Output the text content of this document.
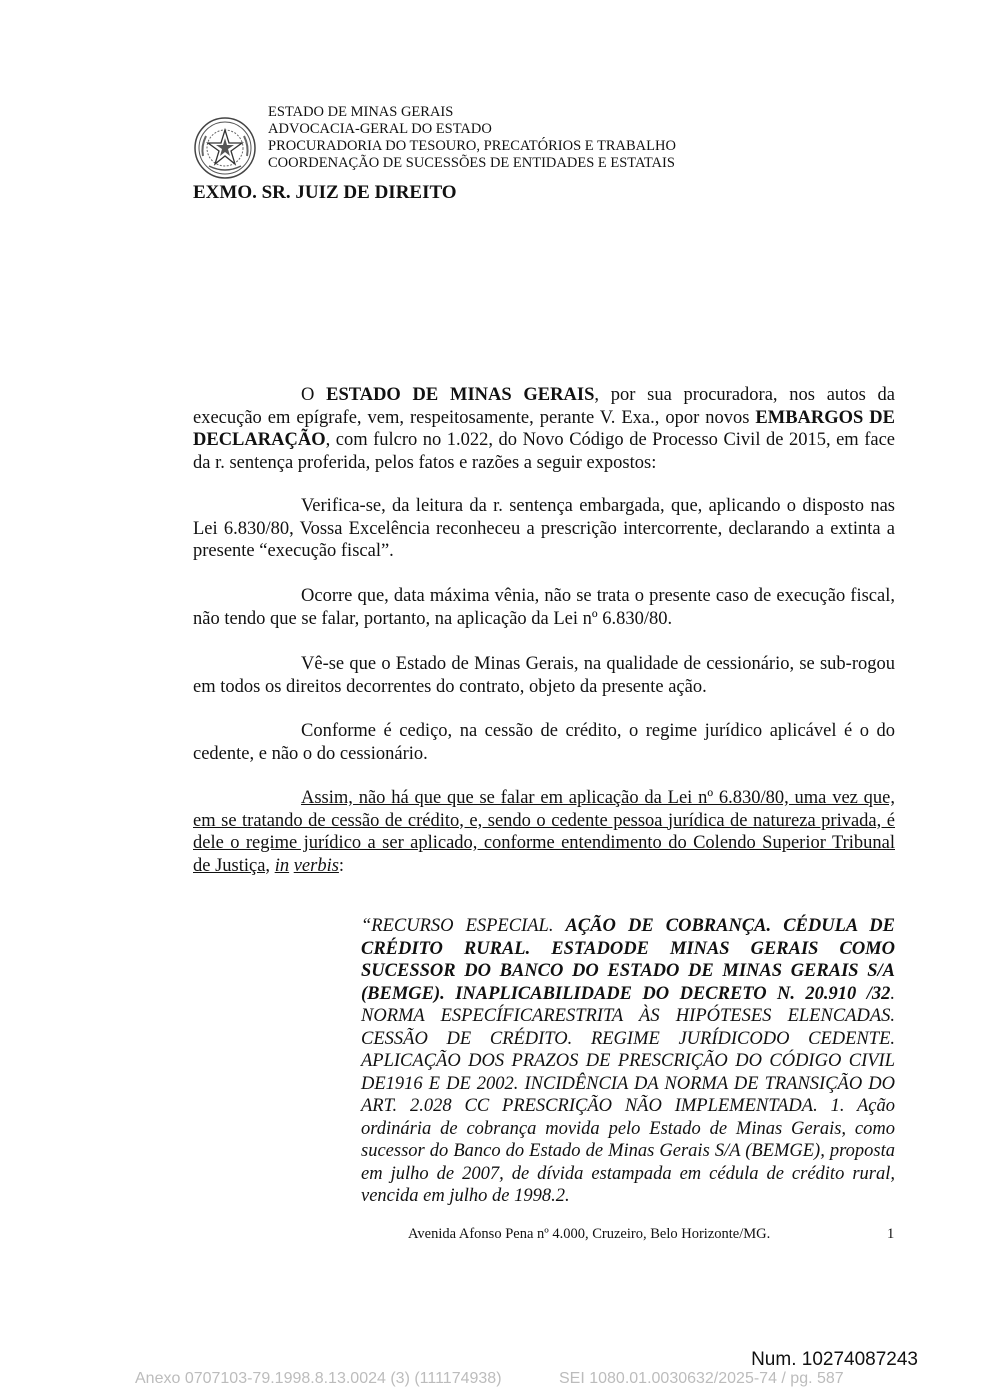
ESTADO DE MINAS GERAIS
ADVOCACIA-GERAL DO ESTADO
PROCURADORIA DO TESOURO, PRECATÓRIOS E TRABALHO
COORDENAÇÃO DE SUCESSÕES DE ENTIDADES E ESTATAIS
EXMO. SR. JUIZ DE DIREITO

O ESTADO DE MINAS GERAIS, por sua procuradora, nos autos da execução em epígrafe, vem, respeitosamente, perante V. Exa., opor novos EMBARGOS DE DECLARAÇÃO, com fulcro no 1.022, do Novo Código de Processo Civil de 2015, em face da r. sentença proferida, pelos fatos e razões a seguir expostos:

Verifica-se, da leitura da r. sentença embargada, que, aplicando o disposto nas Lei 6.830/80, Vossa Excelência reconheceu a prescrição intercorrente, declarando a extinta a presente “execução fiscal”.

Ocorre que, data máxima vênia, não se trata o presente caso de execução fiscal, não tendo que se falar, portanto, na aplicação da Lei nº 6.830/80.

Vê-se que o Estado de Minas Gerais, na qualidade de cessionário, se sub-rogou em todos os direitos decorrentes do contrato, objeto da presente ação.

Conforme é cediço, na cessão de crédito, o regime jurídico aplicável é o do cedente, e não o do cessionário.

Assim, não há que que se falar em aplicação da Lei nº 6.830/80, uma vez que, em se tratando de cessão de crédito, e, sendo o cedente pessoa jurídica de natureza privada, é dele o regime jurídico a ser aplicado, conforme entendimento do Colendo Superior Tribunal de Justiça, in verbis:

“RECURSO ESPECIAL. AÇÃO DE COBRANÇA. CÉDULA DE CRÉDITO RURAL. ESTADODE MINAS GERAIS COMO SUCESSOR DO BANCO DO ESTADO DE MINAS GERAIS S/A (BEMGE). INAPLICABILIDADE DO DECRETO N. 20.910 /32. NORMA ESPECÍFICARESTRITA ÀS HIPÓTESES ELENCADAS. CESSÃO DE CRÉDITO. REGIME JURÍDICODO CEDENTE. APLICAÇÃO DOS PRAZOS DE PRESCRIÇÃO DO CÓDIGO CIVIL DE1916 E DE 2002. INCIDÊNCIA DA NORMA DE TRANSIÇÃO DO ART. 2.028 CC PRESCRIÇÃO NÃO IMPLEMENTADA. 1. Ação ordinária de cobrança movida pelo Estado de Minas Gerais, como sucessor do Banco do Estado de Minas Gerais S/A (BEMGE), proposta em julho de 2007, de dívida estampada em cédula de crédito rural, vencida em julho de 1998.2.
Avenida Afonso Pena nº 4.000, Cruzeiro, Belo Horizonte/MG.	1
Num. 10274087243
Anexo 0707103-79.1998.8.13.0024 (3) (111174938)	SEI 1080.01.0030632/2025-74 / pg. 587
